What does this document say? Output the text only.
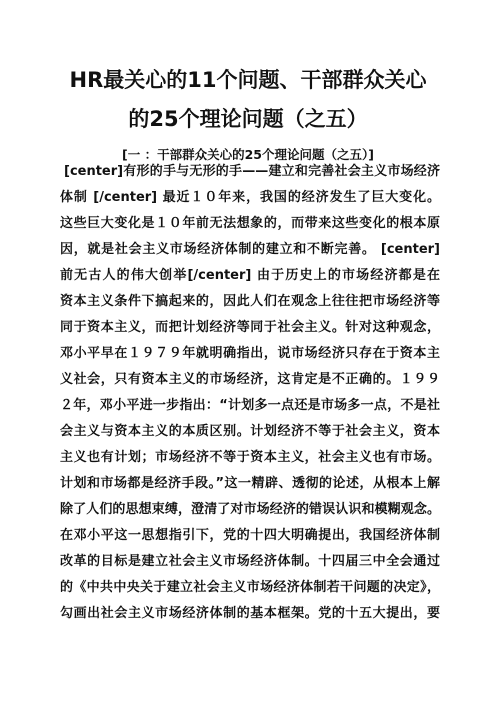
HR最关心的11个问题、干部群众关心
的25个理论问题（之五）
[一 ：干部群众关心的25个理论问题（之五）]
[center]有形的手与无形的手——建立和完善社会主义市场经济
体制 [/center] 最近１０年来，我国的经济发生了巨大变化。
这些巨大变化是１０年前无法想象的，而带来这些变化的根本原
因，就是社会主义市场经济体制的建立和不断完善。 [center]
前无古人的伟大创举[/center] 由于历史上的市场经济都是在
资本主义条件下搞起来的，因此人们在观念上往往把市场经济等
同于资本主义，而把计划经济等同于社会主义。针对这种观念，
邓小平早在１９７９年就明确指出，说市场经济只存在于资本主
义社会，只有资本主义的市场经济，这肯定是不正确的。１９９
２年，邓小平进一步指出：“计划多一点还是市场多一点，不是社
会主义与资本主义的本质区别。计划经济不等于社会主义，资本
主义也有计划；市场经济不等于资本主义，社会主义也有市场。
计划和市场都是经济手段。”这一精辟、透彻的论述，从根本上解
除了人们的思想束缚，澄清了对市场经济的错误认识和模糊观念。
在邓小平这一思想指引下，党的十四大明确提出，我国经济体制
改革的目标是建立社会主义市场经济体制。十四届三中全会通过
的《中共中央关于建立社会主义市场经济体制若干问题的决定》，
勾画出社会主义市场经济体制的基本框架。党的十五大提出，要
